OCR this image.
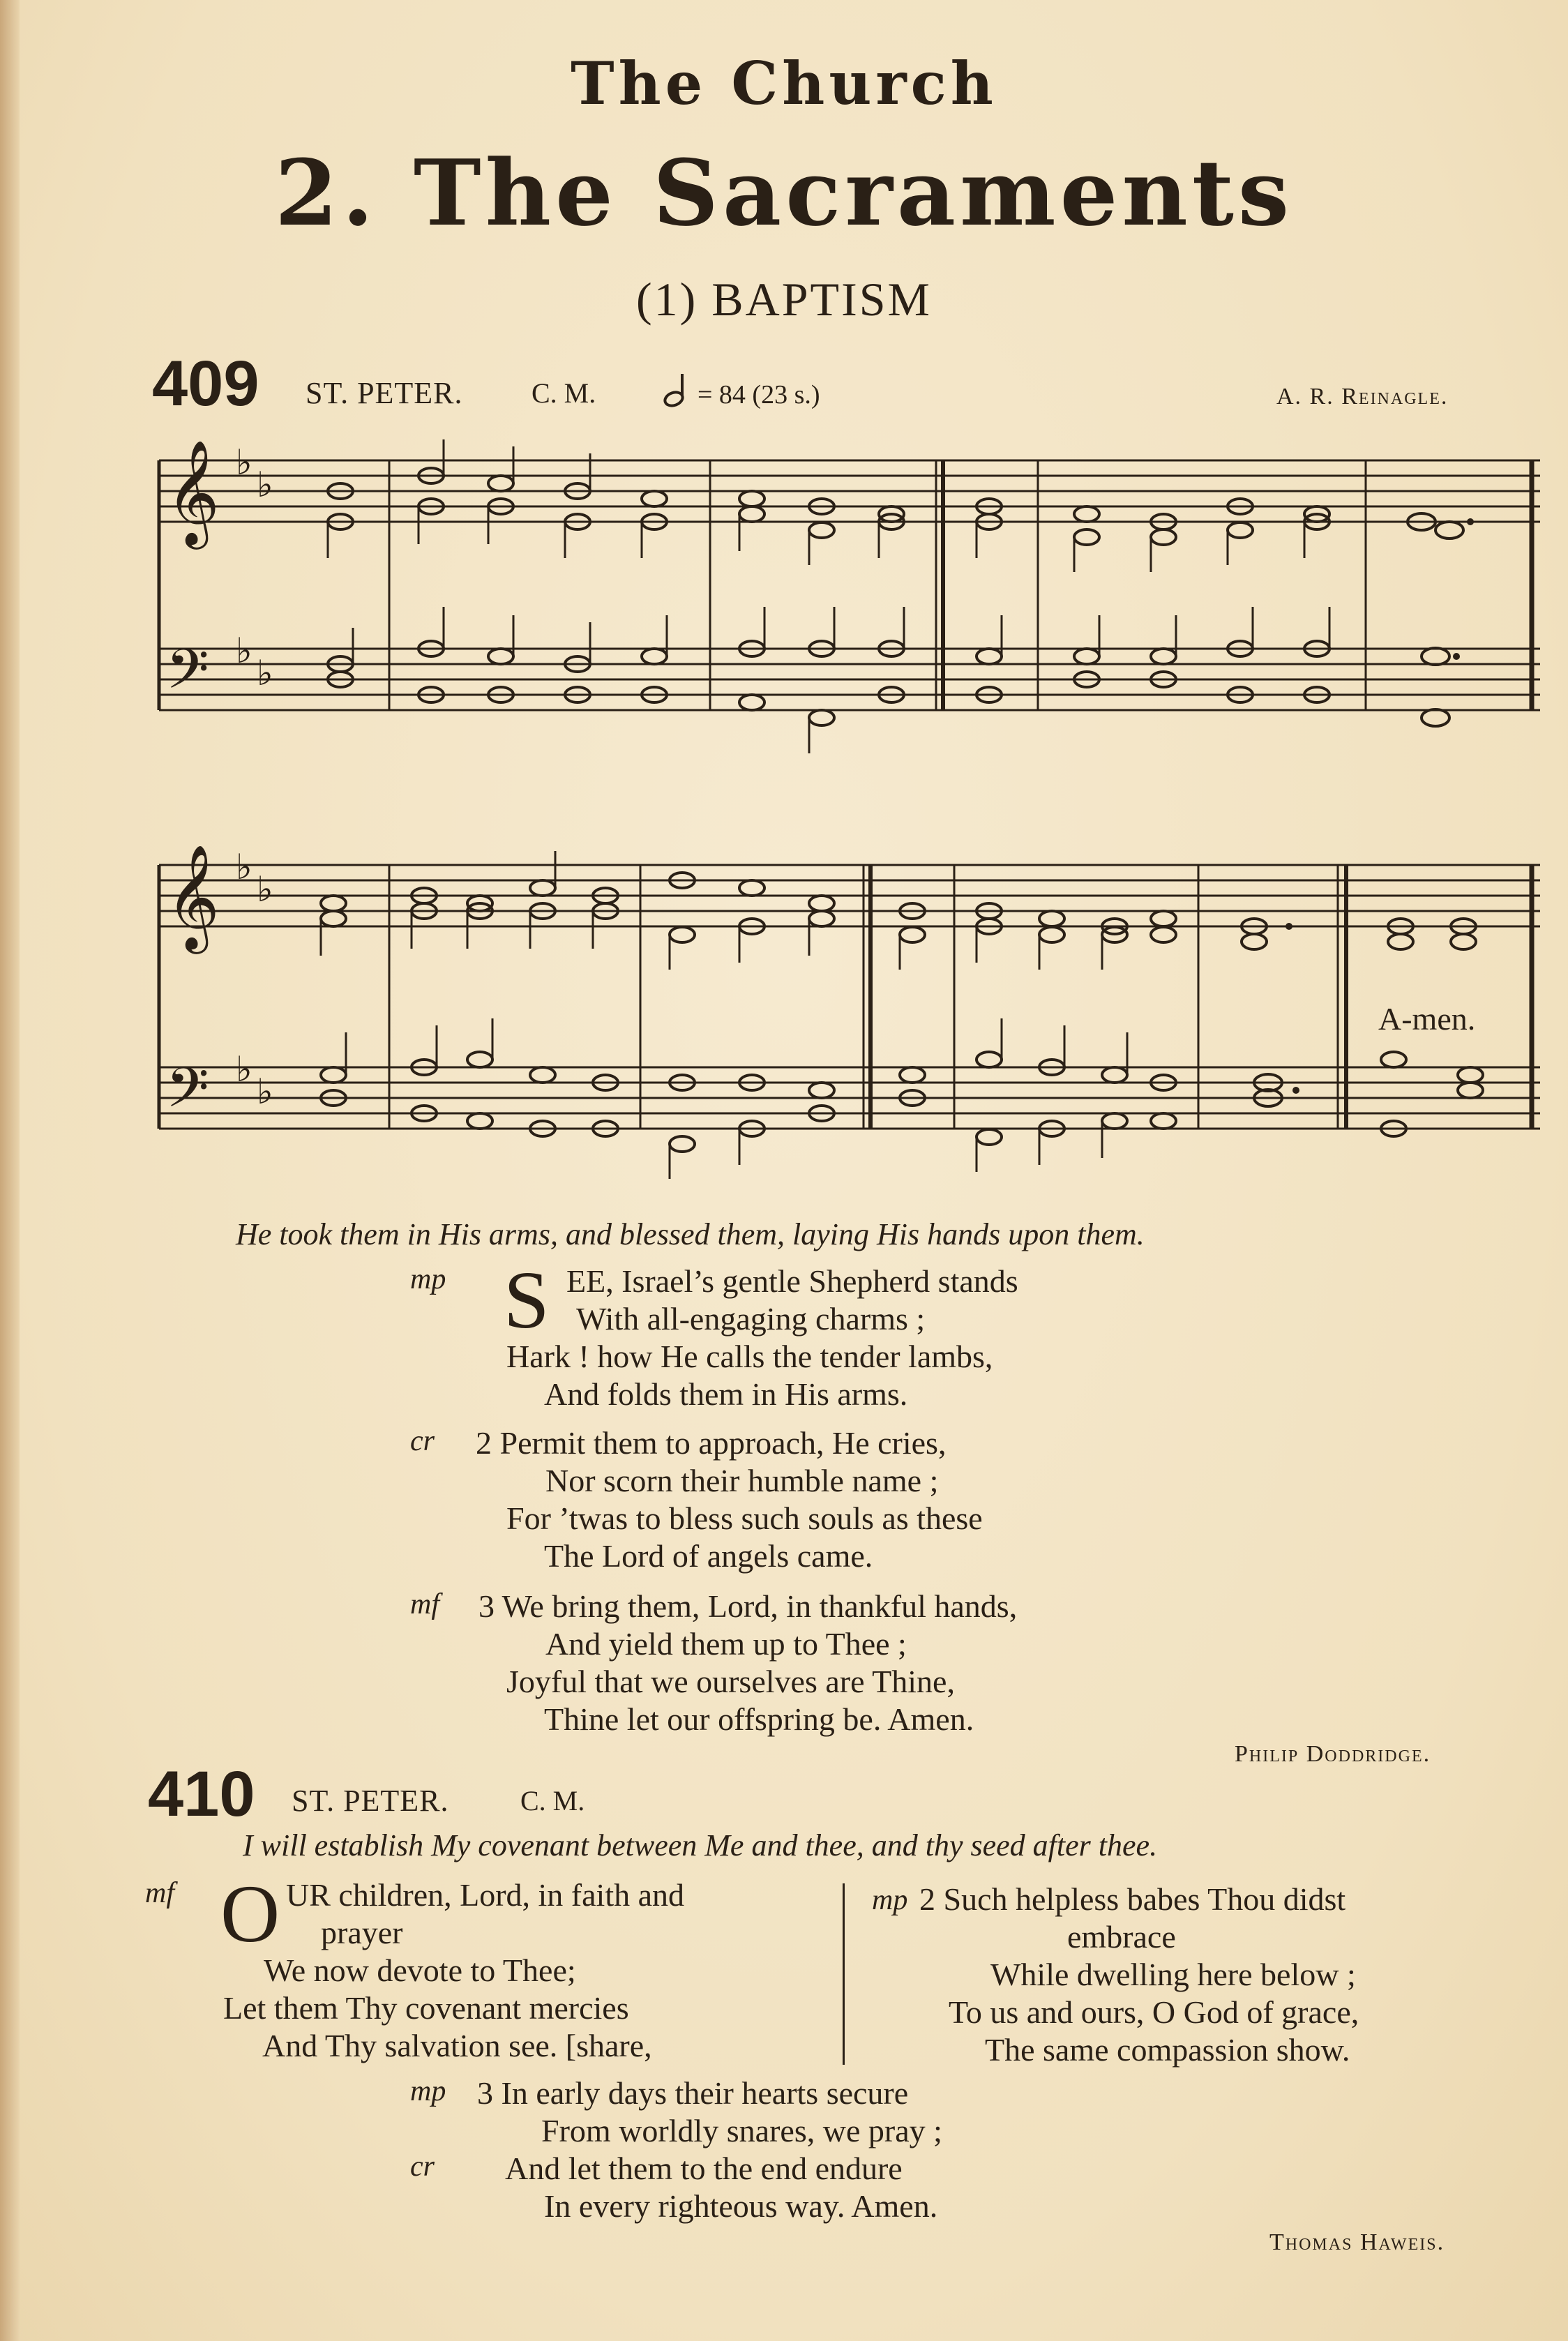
The Church
2. The Sacraments
(1) BAPTISM
409 ST. PETER. C. M.	= 84 (23 s.)	A. R. Reinagle.
𝄞
𝄢
♭
♭
♭
♭
𝄞
𝄢
♭
♭
♭
♭
A-men.
He took them in His arms, and blessed them, laying His hands upon them.
mp S EE, Israel’s gentle Shepherd stands
With all-engaging charms ;
Hark ! how He calls the tender lambs,
And folds them in His arms.
cr 2 Permit them to approach, He cries,
Nor scorn their humble name ;
For ’twas to bless such souls as these
The Lord of angels came.
mf 3 We bring them, Lord, in thankful hands,
And yield them up to Thee ;
Joyful that we ourselves are Thine,
Thine let our offspring be. Amen.
Philip Doddridge.
410 ST. PETER.	C. M.
I will establish My covenant between Me and thee, and thy seed after thee.
mf O UR children, Lord, in faith and
prayer
We now devote to Thee;
Let them Thy covenant mercies
And Thy salvation see. [share,
mp 2 Such helpless babes Thou didst
embrace
While dwelling here below ;
To us and ours, O God of grace,
The same compassion show.
mp 3 In early days their hearts secure
From worldly snares, we pray ;
cr And let them to the end endure
In every righteous way. Amen.
Thomas Haweis.
